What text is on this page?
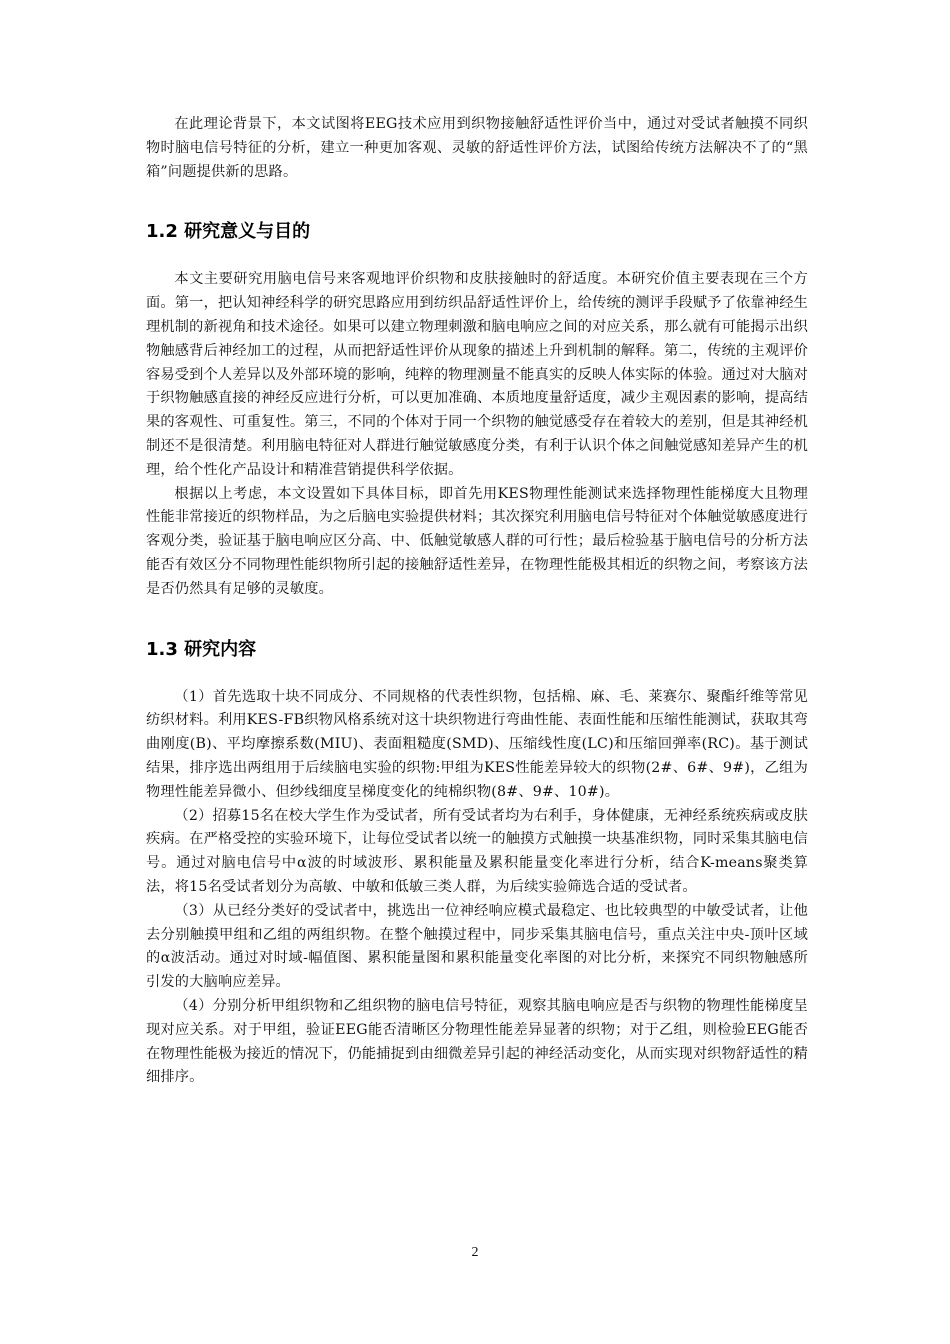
在此理论背景下，本文试图将EEG技术应用到织物接触舒适性评价当中，通过对受试者触摸不同织物时脑电信号特征的分析，建立一种更加客观、灵敏的舒适性评价方法，试图给传统方法解决不了的“黑箱”问题提供新的思路。

1.2 研究意义与目的

本文主要研究用脑电信号来客观地评价织物和皮肤接触时的舒适度。本研究价值主要表现在三个方面。第一，把认知神经科学的研究思路应用到纺织品舒适性评价上，给传统的测评手段赋予了依靠神经生理机制的新视角和技术途径。如果可以建立物理刺激和脑电响应之间的对应关系，那么就有可能揭示出织物触感背后神经加工的过程，从而把舒适性评价从现象的描述上升到机制的解释。第二，传统的主观评价容易受到个人差异以及外部环境的影响，纯粹的物理测量不能真实的反映人体实际的体验。通过对大脑对于织物触感直接的神经反应进行分析，可以更加准确、本质地度量舒适度，减少主观因素的影响，提高结果的客观性、可重复性。第三，不同的个体对于同一个织物的触觉感受存在着较大的差别，但是其神经机制还不是很清楚。利用脑电特征对人群进行触觉敏感度分类，有利于认识个体之间触觉感知差异产生的机理，给个性化产品设计和精准营销提供科学依据。

根据以上考虑，本文设置如下具体目标，即首先用KES物理性能测试来选择物理性能梯度大且物理性能非常接近的织物样品，为之后脑电实验提供材料；其次探究利用脑电信号特征对个体触觉敏感度进行客观分类，验证基于脑电响应区分高、中、低触觉敏感人群的可行性；最后检验基于脑电信号的分析方法能否有效区分不同物理性能织物所引起的接触舒适性差异，在物理性能极其相近的织物之间，考察该方法是否仍然具有足够的灵敏度。

1.3 研究内容

（1）首先选取十块不同成分、不同规格的代表性织物，包括棉、麻、毛、莱赛尔、聚酯纤维等常见纺织材料。利用KES-FB织物风格系统对这十块织物进行弯曲性能、表面性能和压缩性能测试，获取其弯曲刚度(B)、平均摩擦系数(MIU)、表面粗糙度(SMD)、压缩线性度(LC)和压缩回弹率(RC)。基于测试结果，排序选出两组用于后续脑电实验的织物:甲组为KES性能差异较大的织物(2#、6#、9#)，乙组为物理性能差异微小、但纱线细度呈梯度变化的纯棉织物(8#、9#、10#)。

（2）招募15名在校大学生作为受试者，所有受试者均为右利手，身体健康，无神经系统疾病或皮肤疾病。在严格受控的实验环境下，让每位受试者以统一的触摸方式触摸一块基准织物，同时采集其脑电信号。通过对脑电信号中α波的时域波形、累积能量及累积能量变化率进行分析，结合K-means聚类算法，将15名受试者划分为高敏、中敏和低敏三类人群，为后续实验筛选合适的受试者。

（3）从已经分类好的受试者中，挑选出一位神经响应模式最稳定、也比较典型的中敏受试者，让他去分别触摸甲组和乙组的两组织物。在整个触摸过程中，同步采集其脑电信号，重点关注中央-顶叶区域的α波活动。通过对时域-幅值图、累积能量图和累积能量变化率图的对比分析，来探究不同织物触感所引发的大脑响应差异。

（4）分别分析甲组织物和乙组织物的脑电信号特征，观察其脑电响应是否与织物的物理性能梯度呈现对应关系。对于甲组，验证EEG能否清晰区分物理性能差异显著的织物；对于乙组，则检验EEG能否在物理性能极为接近的情况下，仍能捕捉到由细微差异引起的神经活动变化，从而实现对织物舒适性的精细排序。

2
